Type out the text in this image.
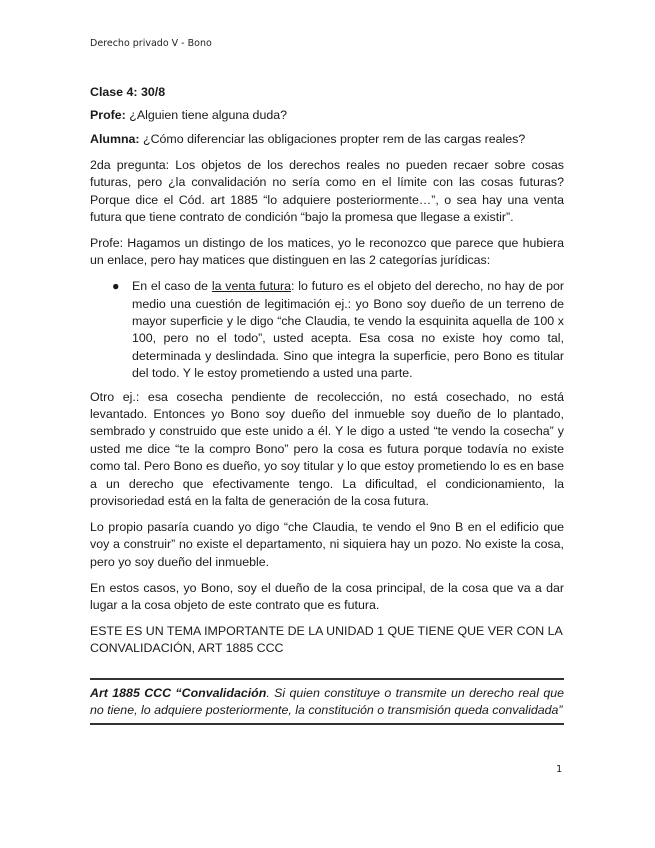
Derecho privado V - Bono

Clase 4: 30/8

Profe: ¿Alguien tiene alguna duda?

Alumna: ¿Cómo diferenciar las obligaciones propter rem de las cargas reales?

2da pregunta: Los objetos de los derechos reales no pueden recaer sobre cosas futuras, pero ¿la convalidación no sería como en el límite con las cosas futuras? Porque dice el Cód. art 1885 “lo adquiere posteriormente…”, o sea hay una venta futura que tiene contrato de condición “bajo la promesa que llegase a existir”.

Profe: Hagamos un distingo de los matices, yo le reconozco que parece que hubiera un enlace, pero hay matices que distinguen en las 2 categorías jurídicas:

● En el caso de la venta futura: lo futuro es el objeto del derecho, no hay de por medio una cuestión de legitimación ej.: yo Bono soy dueño de un terreno de mayor superficie y le digo “che Claudia, te vendo la esquinita aquella de 100 x 100, pero no el todo”, usted acepta. Esa cosa no existe hoy como tal, determinada y deslindada. Sino que integra la superficie, pero Bono es titular del todo. Y le estoy prometiendo a usted una parte.

Otro ej.: esa cosecha pendiente de recolección, no está cosechado, no está levantado. Entonces yo Bono soy dueño del inmueble soy dueño de lo plantado, sembrado y construido que este unido a él. Y le digo a usted “te vendo la cosecha” y usted me dice “te la compro Bono” pero la cosa es futura porque todavía no existe como tal. Pero Bono es dueño, yo soy titular y lo que estoy prometiendo lo es en base a un derecho que efectivamente tengo. La dificultad, el condicionamiento, la provisoriedad está en la falta de generación de la cosa futura.

Lo propio pasaría cuando yo digo “che Claudia, te vendo el 9no B en el edificio que voy a construir” no existe el departamento, ni siquiera hay un pozo. No existe la cosa, pero yo soy dueño del inmueble.

En estos casos, yo Bono, soy el dueño de la cosa principal, de la cosa que va a dar lugar a la cosa objeto de este contrato que es futura.

ESTE ES UN TEMA IMPORTANTE DE LA UNIDAD 1 QUE TIENE QUE VER CON LA CONVALIDACIÓN, ART 1885 CCC

Art 1885 CCC “Convalidación. Si quien constituye o transmite un derecho real que no tiene, lo adquiere posteriormente, la constitución o transmisión queda convalidada”
1
